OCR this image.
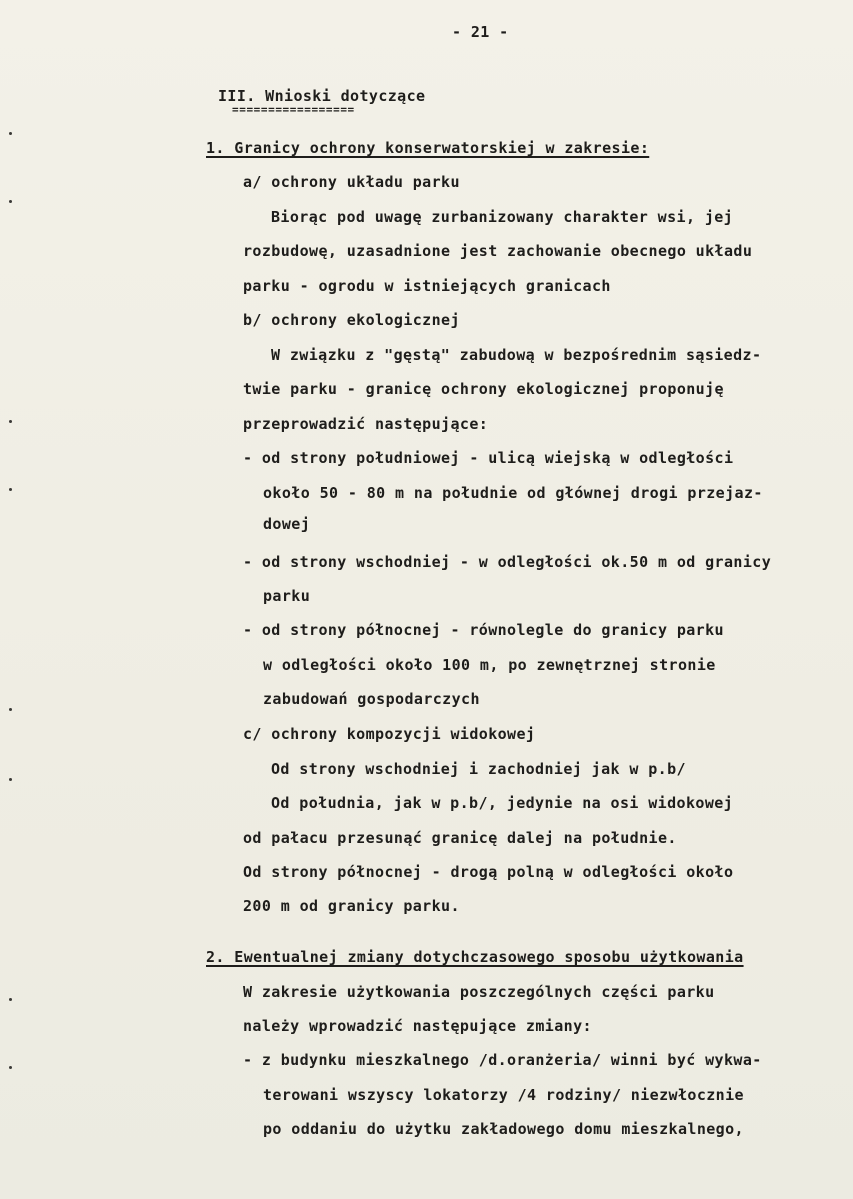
- 21 -
III. Wnioski dotyczące
=================
1. Granicy ochrony konserwatorskiej w zakresie:
a/ ochrony układu parku
Biorąc pod uwagę zurbanizowany charakter wsi, jej
rozbudowę, uzasadnione jest zachowanie obecnego układu
parku - ogrodu w istniejących granicach
b/ ochrony ekologicznej
W związku z "gęstą" zabudową w bezpośrednim sąsiedz-
twie parku - granicę ochrony ekologicznej proponuję
przeprowadzić następujące:
- od strony południowej - ulicą wiejską w odległości
około 50 - 80 m na południe od głównej drogi przejaz-
dowej
- od strony wschodniej - w odległości ok.50 m od granicy
parku
- od strony północnej - równolegle do granicy parku
w odległości około 100 m, po zewnętrznej stronie
zabudowań gospodarczych
c/ ochrony kompozycji widokowej
Od strony wschodniej i zachodniej jak w p.b/
Od południa, jak w p.b/, jedynie na osi widokowej
od pałacu przesunąć granicę dalej na południe.
Od strony północnej - drogą polną w odległości około
200 m od granicy parku.
2. Ewentualnej zmiany dotychczasowego sposobu użytkowania
W zakresie użytkowania poszczególnych części parku
należy wprowadzić następujące zmiany:
- z budynku mieszkalnego /d.oranżeria/ winni być wykwa-
terowani wszyscy lokatorzy /4 rodziny/ niezwłocznie
po oddaniu do użytku zakładowego domu mieszkalnego,
